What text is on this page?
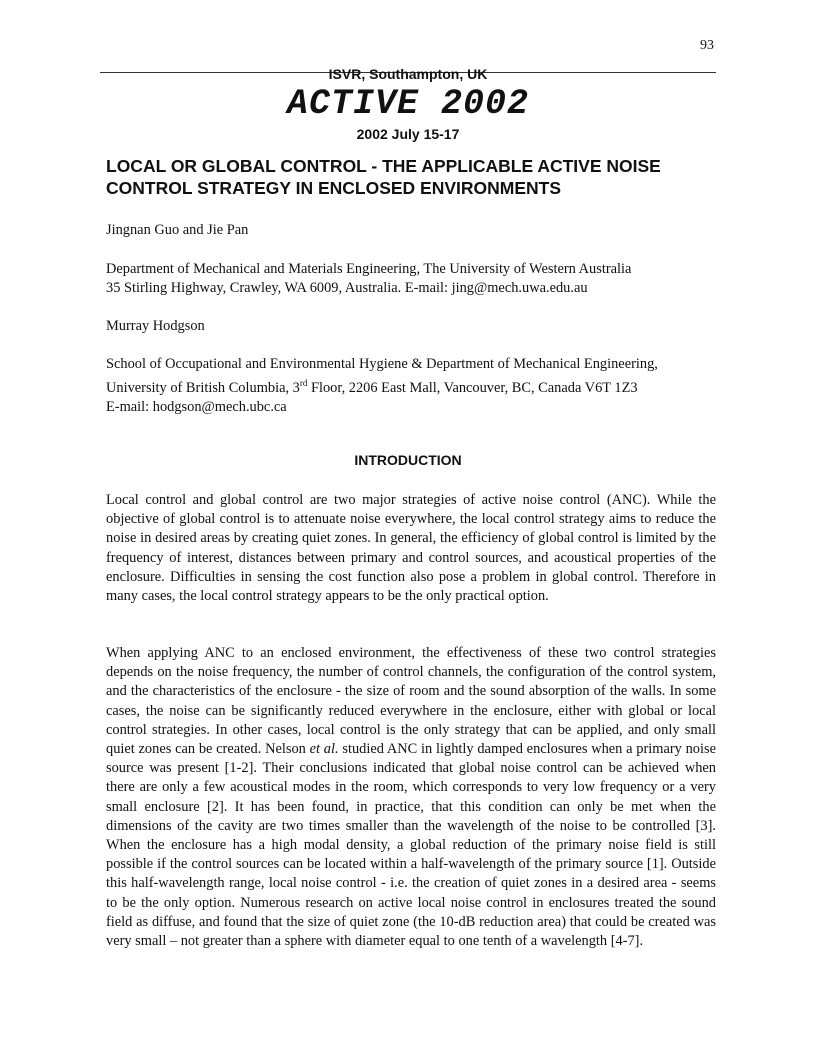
93
ISVR, Southampton, UK
ACTIVE 2002
2002 July 15-17
LOCAL OR GLOBAL CONTROL - THE APPLICABLE ACTIVE NOISE
CONTROL STRATEGY IN ENCLOSED ENVIRONMENTS
Jingnan Guo and Jie Pan
Department of Mechanical and Materials Engineering, The University of Western Australia
35 Stirling Highway, Crawley, WA 6009, Australia. E-mail: jing@mech.uwa.edu.au
Murray Hodgson
School of Occupational and Environmental Hygiene & Department of Mechanical Engineering,
University of British Columbia, 3rd Floor, 2206 East Mall, Vancouver, BC, Canada V6T 1Z3
E-mail: hodgson@mech.ubc.ca
INTRODUCTION

Local control and global control are two major strategies of active noise control (ANC). While the objective of global control is to attenuate noise everywhere, the local control strategy aims to reduce the noise in desired areas by creating quiet zones. In general, the efficiency of global control is limited by the frequency of interest, distances between primary and control sources, and acoustical properties of the enclosure. Difficulties in sensing the cost function also pose a problem in global control. Therefore in many cases, the local control strategy appears to be the only practical option.

When applying ANC to an enclosed environment, the effectiveness of these two control strategies depends on the noise frequency, the number of control channels, the configuration of the control system, and the characteristics of the enclosure - the size of room and the sound absorption of the walls. In some cases, the noise can be significantly reduced everywhere in the enclosure, either with global or local control strategies. In other cases, local control is the only strategy that can be applied, and only small quiet zones can be created. Nelson et al. studied ANC in lightly damped enclosures when a primary noise source was present [1-2]. Their conclusions indicated that global noise control can be achieved when there are only a few acoustical modes in the room, which corresponds to very low frequency or a very small enclosure [2]. It has been found, in practice, that this condition can only be met when the dimensions of the cavity are two times smaller than the wavelength of the noise to be controlled [3]. When the enclosure has a high modal density, a global reduction of the primary noise field is still possible if the control sources can be located within a half-wavelength of the primary source [1]. Outside this half-wavelength range, local noise control - i.e. the creation of quiet zones in a desired area - seems to be the only option. Numerous research on active local noise control in enclosures treated the sound field as diffuse, and found that the size of quiet zone (the 10-dB reduction area) that could be created was very small – not greater than a sphere with diameter equal to one tenth of a wavelength [4-7].
